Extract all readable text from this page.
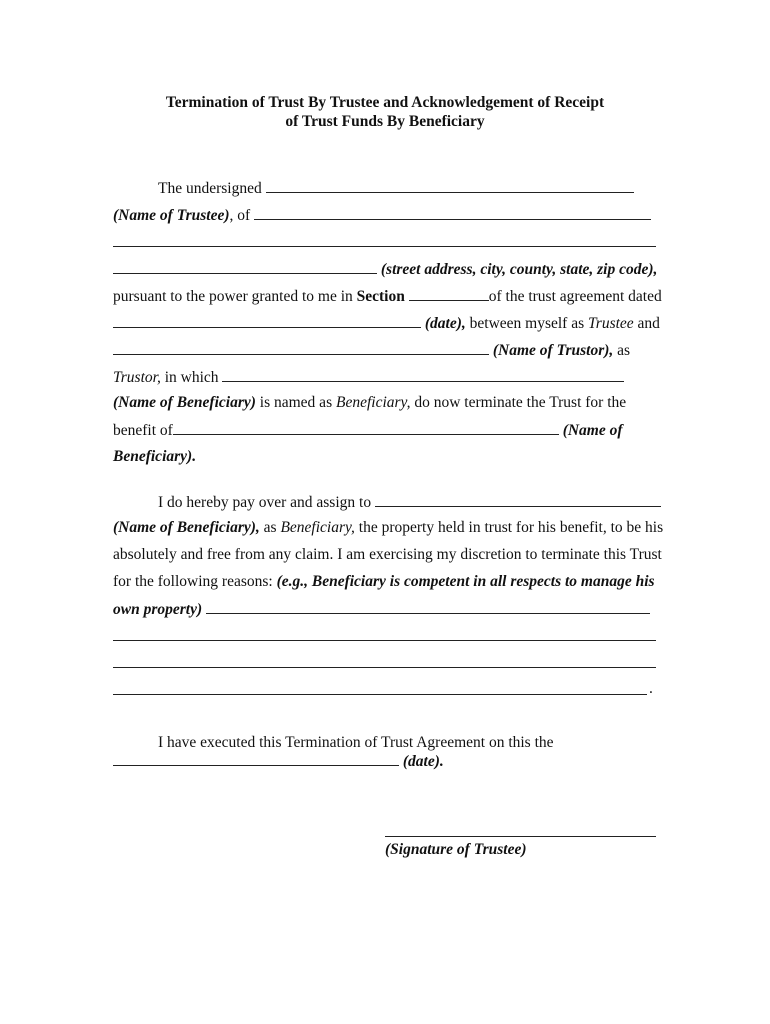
Termination of Trust By Trustee and Acknowledgement of Receipt
of Trust Funds By Beneficiary
The undersigned
(Name of Trustee), of
(street address, city, county, state, zip code),
pursuant to the power granted to me in Section	of the trust agreement dated
(date), between myself as Trustee and
(Name of Trustor), as
Trustor, in which
(Name of Beneficiary) is named as Beneficiary, do now terminate the Trust for the
benefit of	(Name of
Beneficiary).
I do hereby pay over and assign to
(Name of Beneficiary), as Beneficiary, the property held in trust for his benefit, to be his
absolutely and free from any claim. I am exercising my discretion to terminate this Trust
for the following reasons: (e.g., Beneficiary is competent in all respects to manage his
own property)
.
I have executed this Termination of Trust Agreement on this the
(date).
(Signature of Trustee)
